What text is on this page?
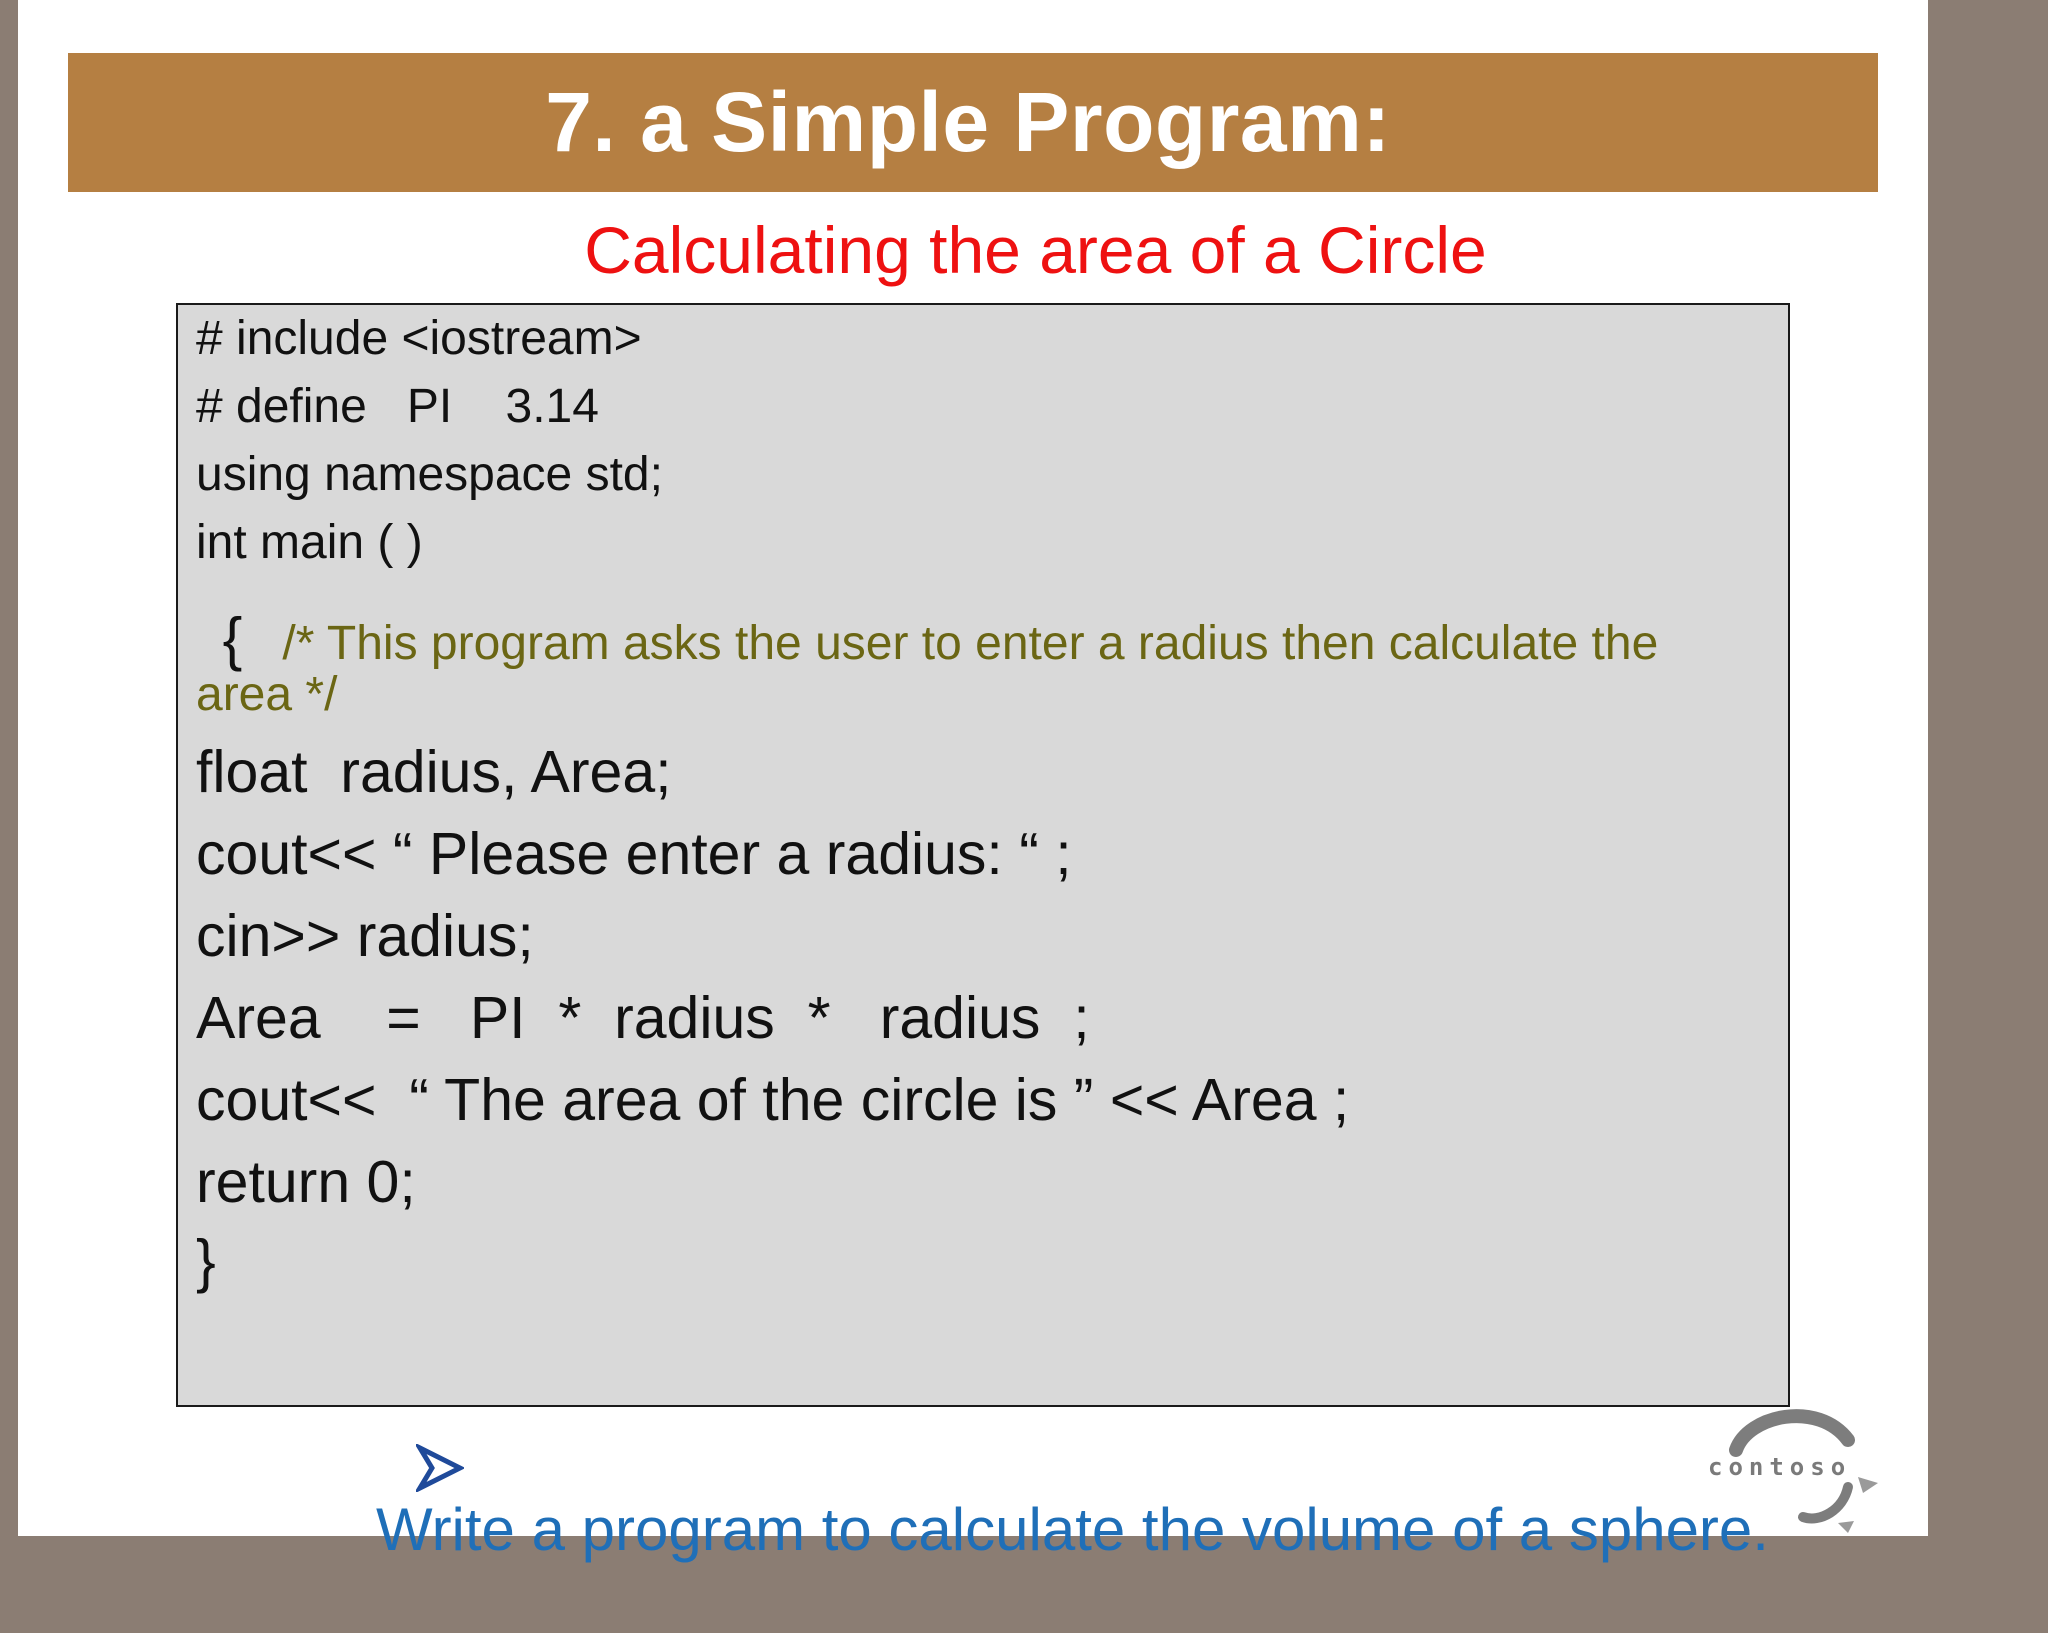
7. a Simple Program:
Calculating the area of a Circle
# include <iostream>
# define   PI    3.14
using namespace std;
int main ( )

{ /* This program asks the user to enter a radius then calculate the

area */
float  radius, Area;
cout<< “ Please enter a radius: “ ;
cin>> radius;
Area    =   PI  *  radius  *   radius  ;
cout<<  “ The area of the circle is ” << Area ;
return 0;
}

Write a program to calculate the volume of a sphere.

contoso
